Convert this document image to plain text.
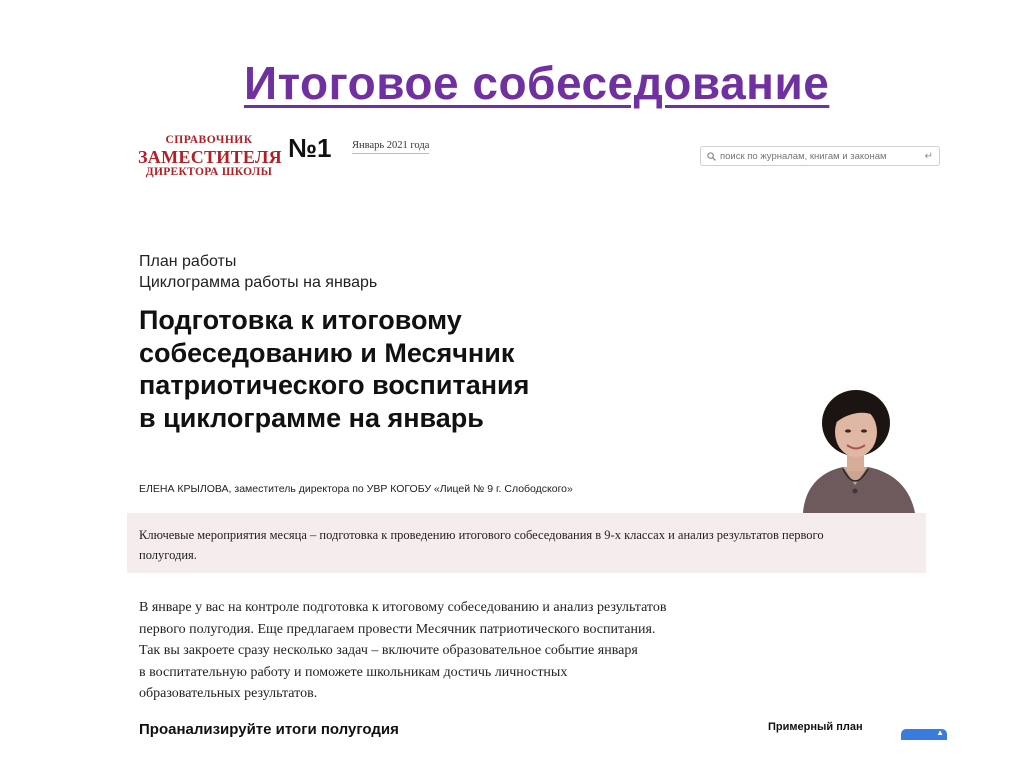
Итоговое собеседование
СПРАВОЧНИК
ЗАМЕСТИТЕЛЯ
ДИРЕКТОРА ШКОЛЫ
№1 Январь 2021 года
поиск по журналам, книгам и законам
↵
План работы
Циклограмма работы на январь
Подготовка к итоговому
собеседованию и Месячник
патриотического воспитания
в циклограмме на январь
ЕЛЕНА КРЫЛОВА, заместитель директора по УВР КОГОБУ «Лицей № 9 г. Слободского»

Ключевые мероприятия месяца – подготовка к проведению итогового собеседования в 9-х классах и анализ результатов первого

полугодия.

В январе у вас на контроле подготовка к итоговому собеседованию и анализ результатов
первого полугодия. Еще предлагаем провести Месячник патриотического воспитания.
Так вы закроете сразу несколько задач – включите образовательное событие января
в воспитательную работу и поможете школьникам достичь личностных
образовательных результатов.
Проанализируйте итоги полугодия	Примерный план	▲
